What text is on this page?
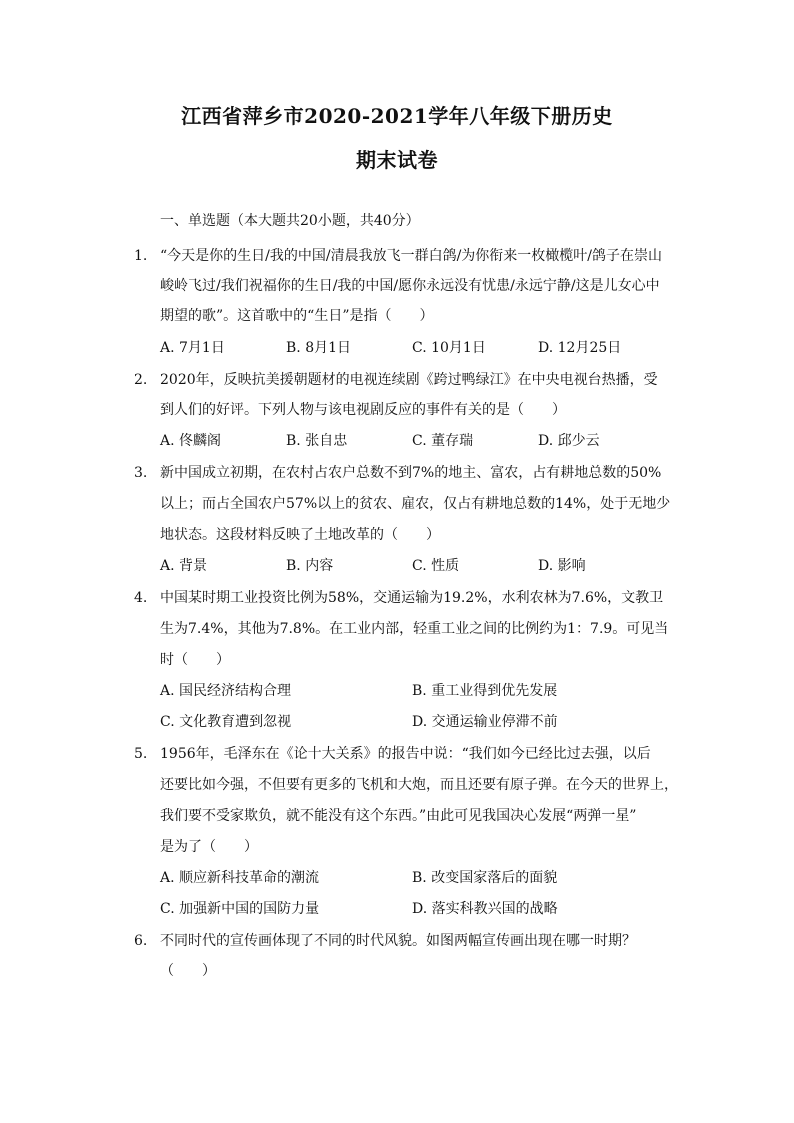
江西省萍乡市2020-2021学年八年级下册历史
期末试卷
一、单选题（本大题共20小题，共40分）
1. “今天是你的生日/我的中国/清晨我放飞一群白鸽/为你衔来一枚橄榄叶/鸽子在崇山
峻岭飞过/我们祝福你的生日/我的中国/愿你永远没有忧患/永远宁静/这是儿女心中
期望的歌”。这首歌中的“生日”是指（　　）
A. 7月1日	B. 8月1日	C. 10月1日	D. 12月25日
2. 2020年，反映抗美援朝题材的电视连续剧《跨过鸭绿江》在中央电视台热播，受
到人们的好评。下列人物与该电视剧反应的事件有关的是（　　）
A. 佟麟阁	B. 张自忠	C. 董存瑞	D. 邱少云
3. 新中国成立初期，在农村占农户总数不到7%的地主、富农，占有耕地总数的50%
以上；而占全国农户57%以上的贫农、雇农，仅占有耕地总数的14%，处于无地少
地状态。这段材料反映了土地改革的（　　）
A. 背景	B. 内容	C. 性质	D. 影响
4. 中国某时期工业投资比例为58%，交通运输为19.2%，水利农林为7.6%，文教卫
生为7.4%，其他为7.8%。在工业内部，轻重工业之间的比例约为1：7.9。可见当
时（　　）
A. 国民经济结构合理	B. 重工业得到优先发展
C. 文化教育遭到忽视	D. 交通运输业停滞不前
5. 1956年，毛泽东在《论十大关系》的报告中说：“我们如今已经比过去强，以后
还要比如今强，不但要有更多的飞机和大炮，而且还要有原子弹。在今天的世界上，
我们要不受家欺负，就不能没有这个东西。”由此可见我国决心发展“两弹一星”
是为了（　　）
A. 顺应新科技革命的潮流	B. 改变国家落后的面貌
C. 加强新中国的国防力量	D. 落实科教兴国的战略
6. 不同时代的宣传画体现了不同的时代风貌。如图两幅宣传画出现在哪一时期？
（　　）
